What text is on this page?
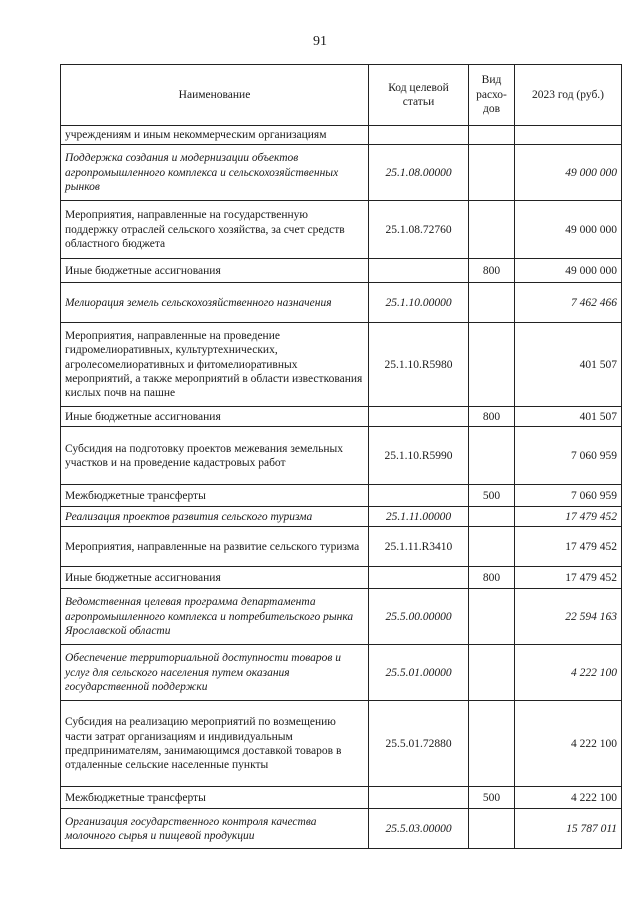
91
Наименование	Код целевой статьи	Вид расхо-дов	2023 год (руб.)
учреждениям и иным некоммерческим организациям			
Поддержка создания и модернизации объектов агропромышленного комплекса и сельскохозяйственных рынков	25.1.08.00000		49 000 000
Мероприятия, направленные на государственную поддержку отраслей сельского хозяйства, за счет средств областного бюджета	25.1.08.72760		49 000 000
Иные бюджетные ассигнования		800	49 000 000
Мелиорация земель сельскохозяйственного назначения	25.1.10.00000		7 462 466
Мероприятия, направленные на проведение гидромелиоративных, культуртехнических, агролесомелиоративных и фитомелиоративных мероприятий, а также мероприятий в области известкования кислых почв на пашне	25.1.10.R5980		401 507
Иные бюджетные ассигнования		800	401 507
Субсидия на подготовку проектов межевания земельных участков и на проведение кадастровых работ	25.1.10.R5990		7 060 959
Межбюджетные трансферты		500	7 060 959
Реализация проектов развития сельского туризма	25.1.11.00000		17 479 452
Мероприятия, направленные на развитие сельского туризма	25.1.11.R3410		17 479 452
Иные бюджетные ассигнования		800	17 479 452
Ведомственная целевая программа департамента агропромышленного комплекса и потребительского рынка Ярославской области	25.5.00.00000		22 594 163
Обеспечение территориальной доступности товаров и услуг для сельского населения путем оказания государственной поддержки	25.5.01.00000		4 222 100
Субсидия на реализацию мероприятий по возмещению части затрат организациям и индивидуальным предпринимателям, занимающимся доставкой товаров в отдаленные сельские населенные пункты	25.5.01.72880		4 222 100
Межбюджетные трансферты		500	4 222 100
Организация государственного контроля качества молочного сырья и пищевой продукции	25.5.03.00000		15 787 011
